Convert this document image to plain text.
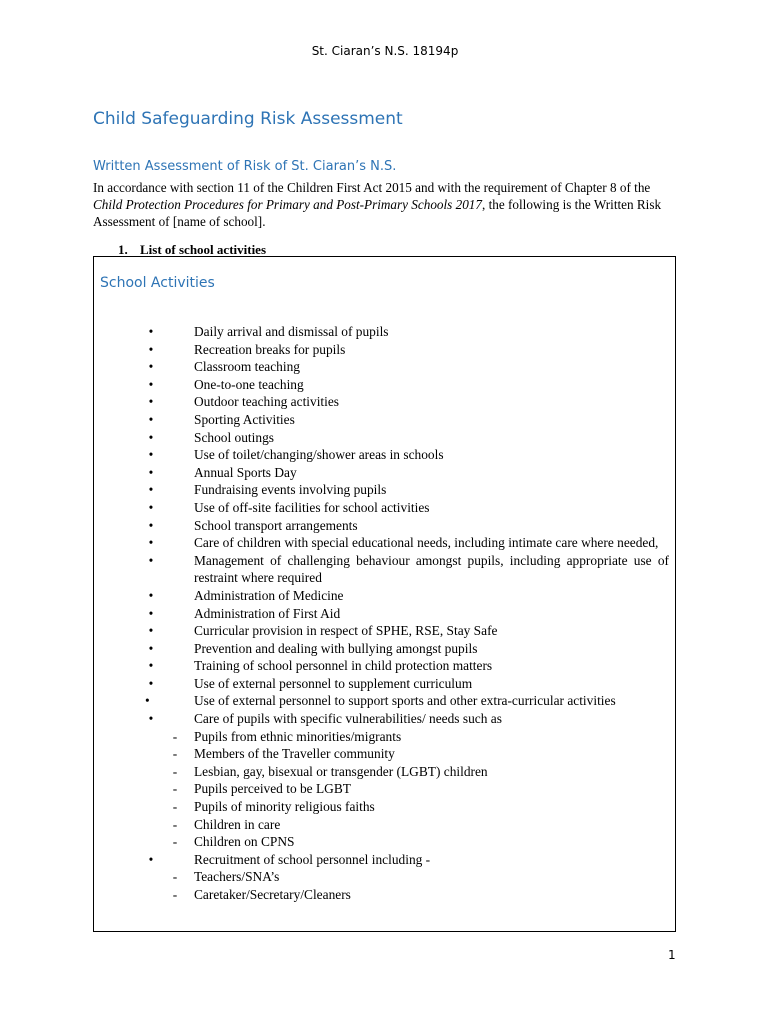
St. Ciaran’s N.S. 18194p
Child Safeguarding Risk Assessment
Written Assessment of Risk of St. Ciaran’s N.S.

In accordance with section 11 of the Children First Act 2015 and with the requirement of Chapter 8 of the Child Protection Procedures for Primary and Post-Primary Schools 2017, the following is the Written Risk Assessment of [name of school].

1. List of school activities
School Activities
•	Daily arrival and dismissal of pupils
•	Recreation breaks for pupils
•	Classroom teaching
•	One-to-one teaching
•	Outdoor teaching activities
•	Sporting Activities
•	School outings
•	Use of toilet/changing/shower areas in schools
•	Annual Sports Day
•	Fundraising events involving pupils
•	Use of off-site facilities for school activities
•	School transport arrangements
•	Care of children with special educational needs, including intimate care where needed,
•	Management of challenging behaviour amongst pupils, including appropriate use of restraint where required
•	Administration of Medicine
•	Administration of First Aid
•	Curricular provision in respect of SPHE, RSE, Stay Safe
•	Prevention and dealing with bullying amongst pupils
•	Training of school personnel in child protection matters
•	Use of external personnel to supplement curriculum
•	Use of external personnel to support sports and other extra-curricular activities
•	Care of pupils with specific vulnerabilities/ needs such as
- Pupils from ethnic minorities/migrants
- Members of the Traveller community
- Lesbian, gay, bisexual or transgender (LGBT) children
- Pupils perceived to be LGBT
- Pupils of minority religious faiths
- Children in care
- Children on CPNS
•	Recruitment of school personnel including -
- Teachers/SNA’s
- Caretaker/Secretary/Cleaners
1
